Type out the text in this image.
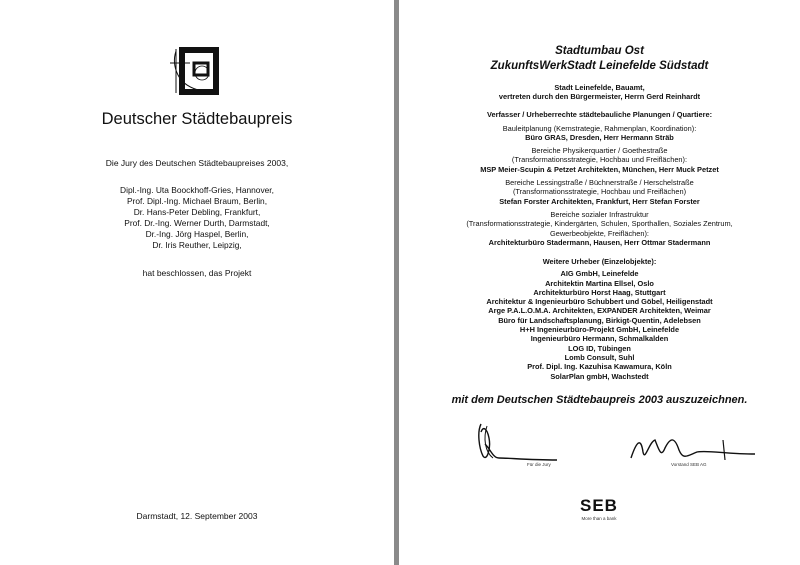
Deutscher Städtebaupreis
Die Jury des Deutschen Städtebaupreises 2003,
Dipl.-Ing. Uta Boockhoff-Gries, Hannover,
Prof. Dipl.-Ing. Michael Braum, Berlin,
Dr. Hans-Peter Debling, Frankfurt,
Prof. Dr.-Ing. Werner Durth, Darmstadt,
Dr.-Ing. Jörg Haspel, Berlin,
Dr. Iris Reuther, Leipzig,
hat beschlossen, das Projekt
Darmstadt, 12. September 2003
Stadtumbau Ost
ZukunftsWerkStadt Leinefelde Südstadt
Stadt Leinefelde, Bauamt,
vertreten durch den Bürgermeister, Herrn Gerd Reinhardt
Verfasser / Urheberrechte städtebauliche Planungen / Quartiere:
Bauleitplanung (Kernstrategie, Rahmenplan, Koordination):
Büro GRAS, Dresden, Herr Hermann Sträb
Bereiche Physikerquartier / Goethestraße
(Transformationsstrategie, Hochbau und Freiflächen):
MSP Meier-Scupin & Petzet Architekten, München, Herr Muck Petzet
Bereiche Lessingstraße / Büchnerstraße / Herschelstraße
(Transformationsstrategie, Hochbau und Freiflächen)
Stefan Forster Architekten, Frankfurt, Herr Stefan Forster
Bereiche sozialer Infrastruktur
(Transformationsstrategie, Kindergärten, Schulen, Sporthallen, Soziales Zentrum,
Gewerbeobjekte, Freiflächen):
Architekturbüro Stadermann, Hausen, Herr Ottmar Stadermann
Weitere Urheber (Einzelobjekte):
AIG GmbH, Leinefelde
Architektin Martina Ellsel, Oslo
Architekturbüro Horst Haag, Stuttgart
Architektur & Ingenieurbüro Schubbert und Göbel, Heiligenstadt
Arge P.A.L.O.M.A. Architekten, EXPANDER Architekten, Weimar
Büro für Landschaftsplanung, Birkigt-Quentin, Adelebsen
H+H Ingenieurbüro-Projekt GmbH, Leinefelde
Ingenieurbüro Hermann, Schmalkalden
LOG ID, Tübingen
Lomb Consult, Suhl
Prof. Dipl. Ing. Kazuhisa Kawamura, Köln
SolarPlan gmbH, Wachstedt
mit dem Deutschen Städtebaupreis 2003 auszuzeichnen.
Für die Jury	Vorstand SEB AG
SEB
More than a bank
